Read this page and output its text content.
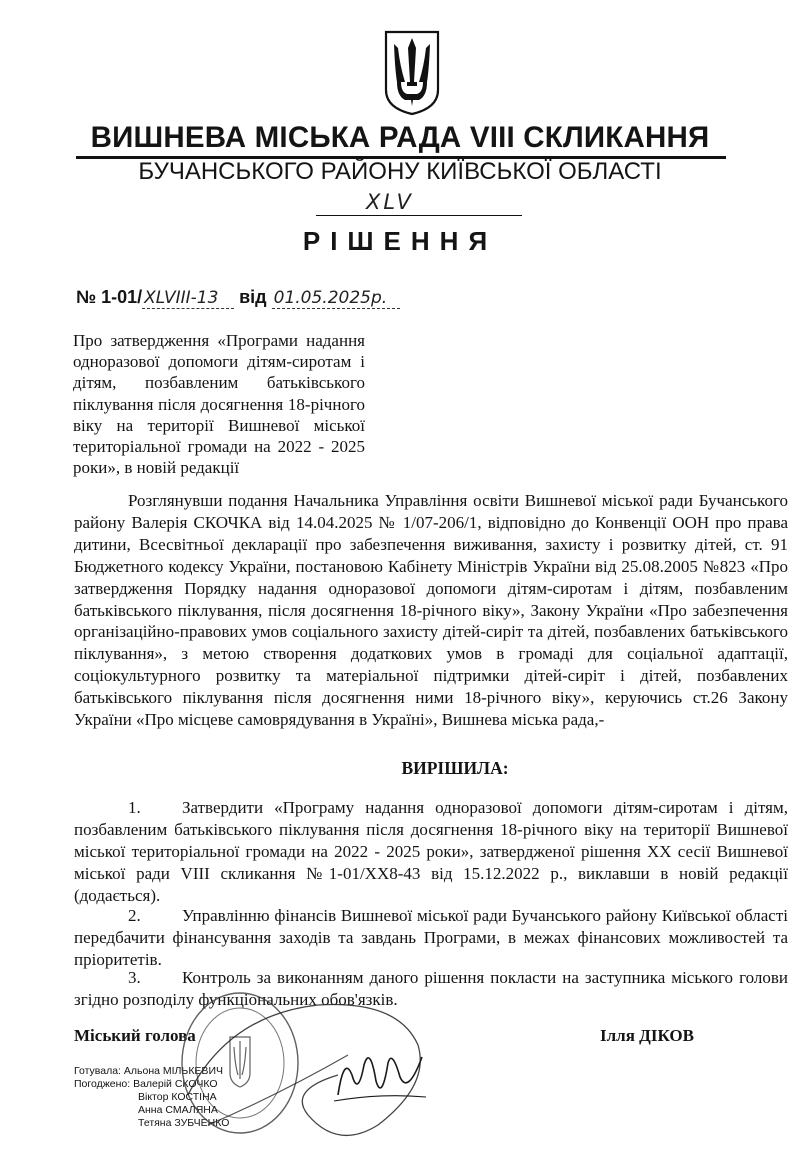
ВИШНЕВА МІСЬКА РАДА VIII СКЛИКАННЯ
БУЧАНСЬКОГО РАЙОНУ КИЇВСЬКОЇ ОБЛАСТІ
XLV
РІШЕННЯ
№ 1-01/ XLVIII-13 від 01.05.2025р.
Про затвердження «Програми надання одноразової допомоги дітям-сиротам і дітям, позбавленим батьківського піклування після досягнення 18-річного віку на території Вишневої міської територіальної громади на 2022 - 2025 роки», в новій редакції
Розглянувши подання Начальника Управління освіти Вишневої міської ради Бучанського району Валерія СКОЧКА від 14.04.2025 № 1/07-206/1, відповідно до Конвенції ООН про права дитини, Всесвітньої декларації про забезпечення виживання, захисту і розвитку дітей, ст. 91 Бюджетного кодексу України, постановою Кабінету Міністрів України від 25.08.2005 №823 «Про затвердження Порядку надання одноразової допомоги дітям-сиротам і дітям, позбавленим батьківського піклування, після досягнення 18-річного віку», Закону України «Про забезпечення організаційно-правових умов соціального захисту дітей-сиріт та дітей, позбавлених батьківського піклування», з метою створення додаткових умов в громаді для соціальної адаптації, соціокультурного розвитку та матеріальної підтримки дітей-сиріт і дітей, позбавлених батьківського піклування після досягнення ними 18-річного віку», керуючись ст.26 Закону України «Про місцеве самоврядування в Україні», Вишнева міська рада,-
ВИРІШИЛА:
1. Затвердити «Програму надання одноразової допомоги дітям-сиротам і дітям, позбавленим батьківського піклування після досягнення 18-річного віку на території Вишневої міської територіальної громади на 2022 - 2025 роки», затвердженої рішення ХХ сесії Вишневої міської ради VIII скликання №1-01/ХХ8-43 від 15.12.2022 р., виклавши в новій редакції (додається).
2. Управлінню фінансів Вишневої міської ради Бучанського району Київської області передбачити фінансування заходів та завдань Програми, в межах фінансових можливостей та пріоритетів.
3. Контроль за виконанням даного рішення покласти на заступника міського голови згідно розподілу функціональних обов'язків.
Міський голова	Ілля ДІКОВ
Готувала: Альона МІЛЬКЕВИЧ
Погоджено: Валерій СКОЧКО
Віктор КОСТІНА
Анна СМАЛЯНА
Тетяна ЗУБЧЕНКО
